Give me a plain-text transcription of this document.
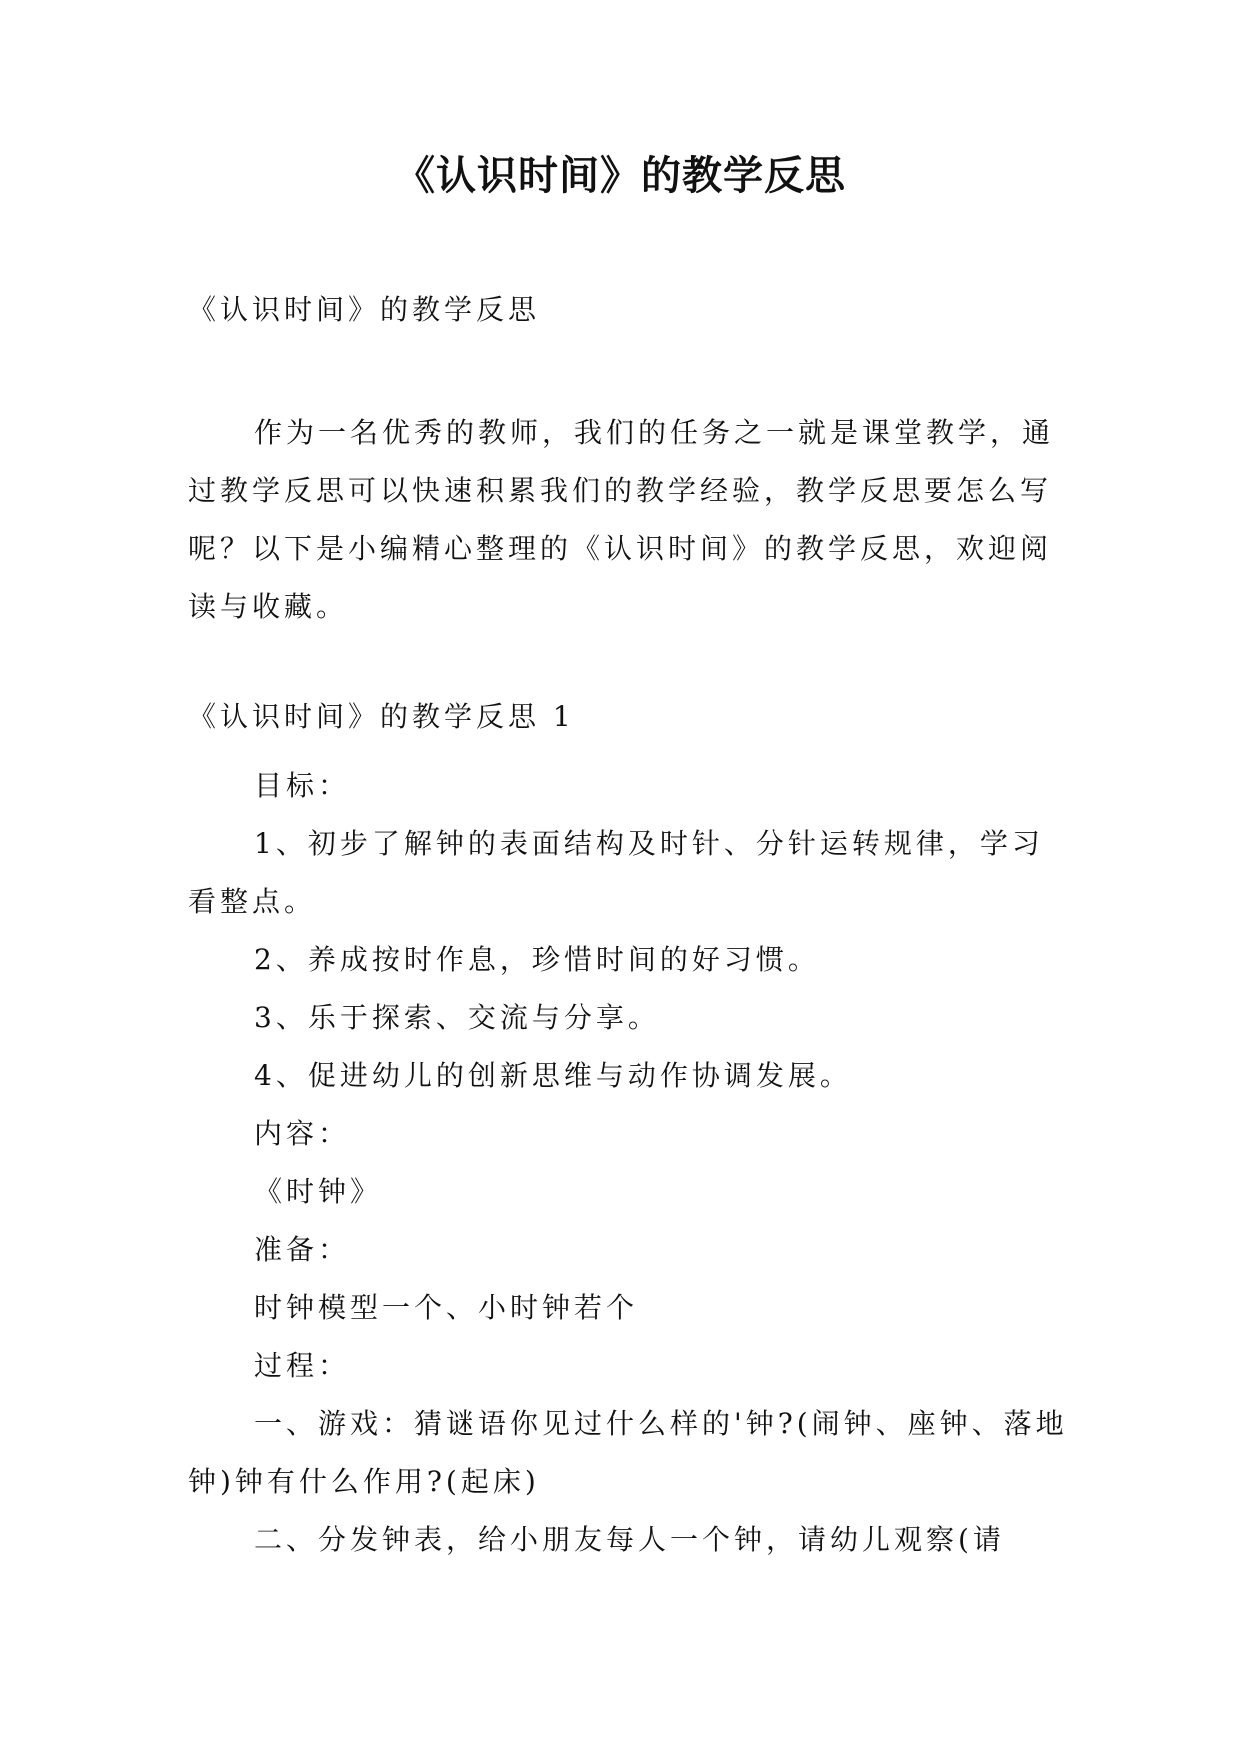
《认识时间》的教学反思

《认识时间》的教学反思

作为一名优秀的教师，我们的任务之一就是课堂教学，通过教学反思可以快速积累我们的教学经验，教学反思要怎么写呢？以下是小编精心整理的《认识时间》的教学反思，欢迎阅读与收藏。

《认识时间》的教学反思 1

目标：

1、初步了解钟的表面结构及时针、分针运转规律，学习看整点。

2、养成按时作息，珍惜时间的好习惯。

3、乐于探索、交流与分享。

4、促进幼儿的创新思维与动作协调发展。

内容：

《时钟》

准备：

时钟模型一个、小时钟若个

过程：

一、游戏：猜谜语你见过什么样的'钟?(闹钟、座钟、落地钟)钟有什么作用?(起床)

二、分发钟表，给小朋友每人一个钟，请幼儿观察(请
